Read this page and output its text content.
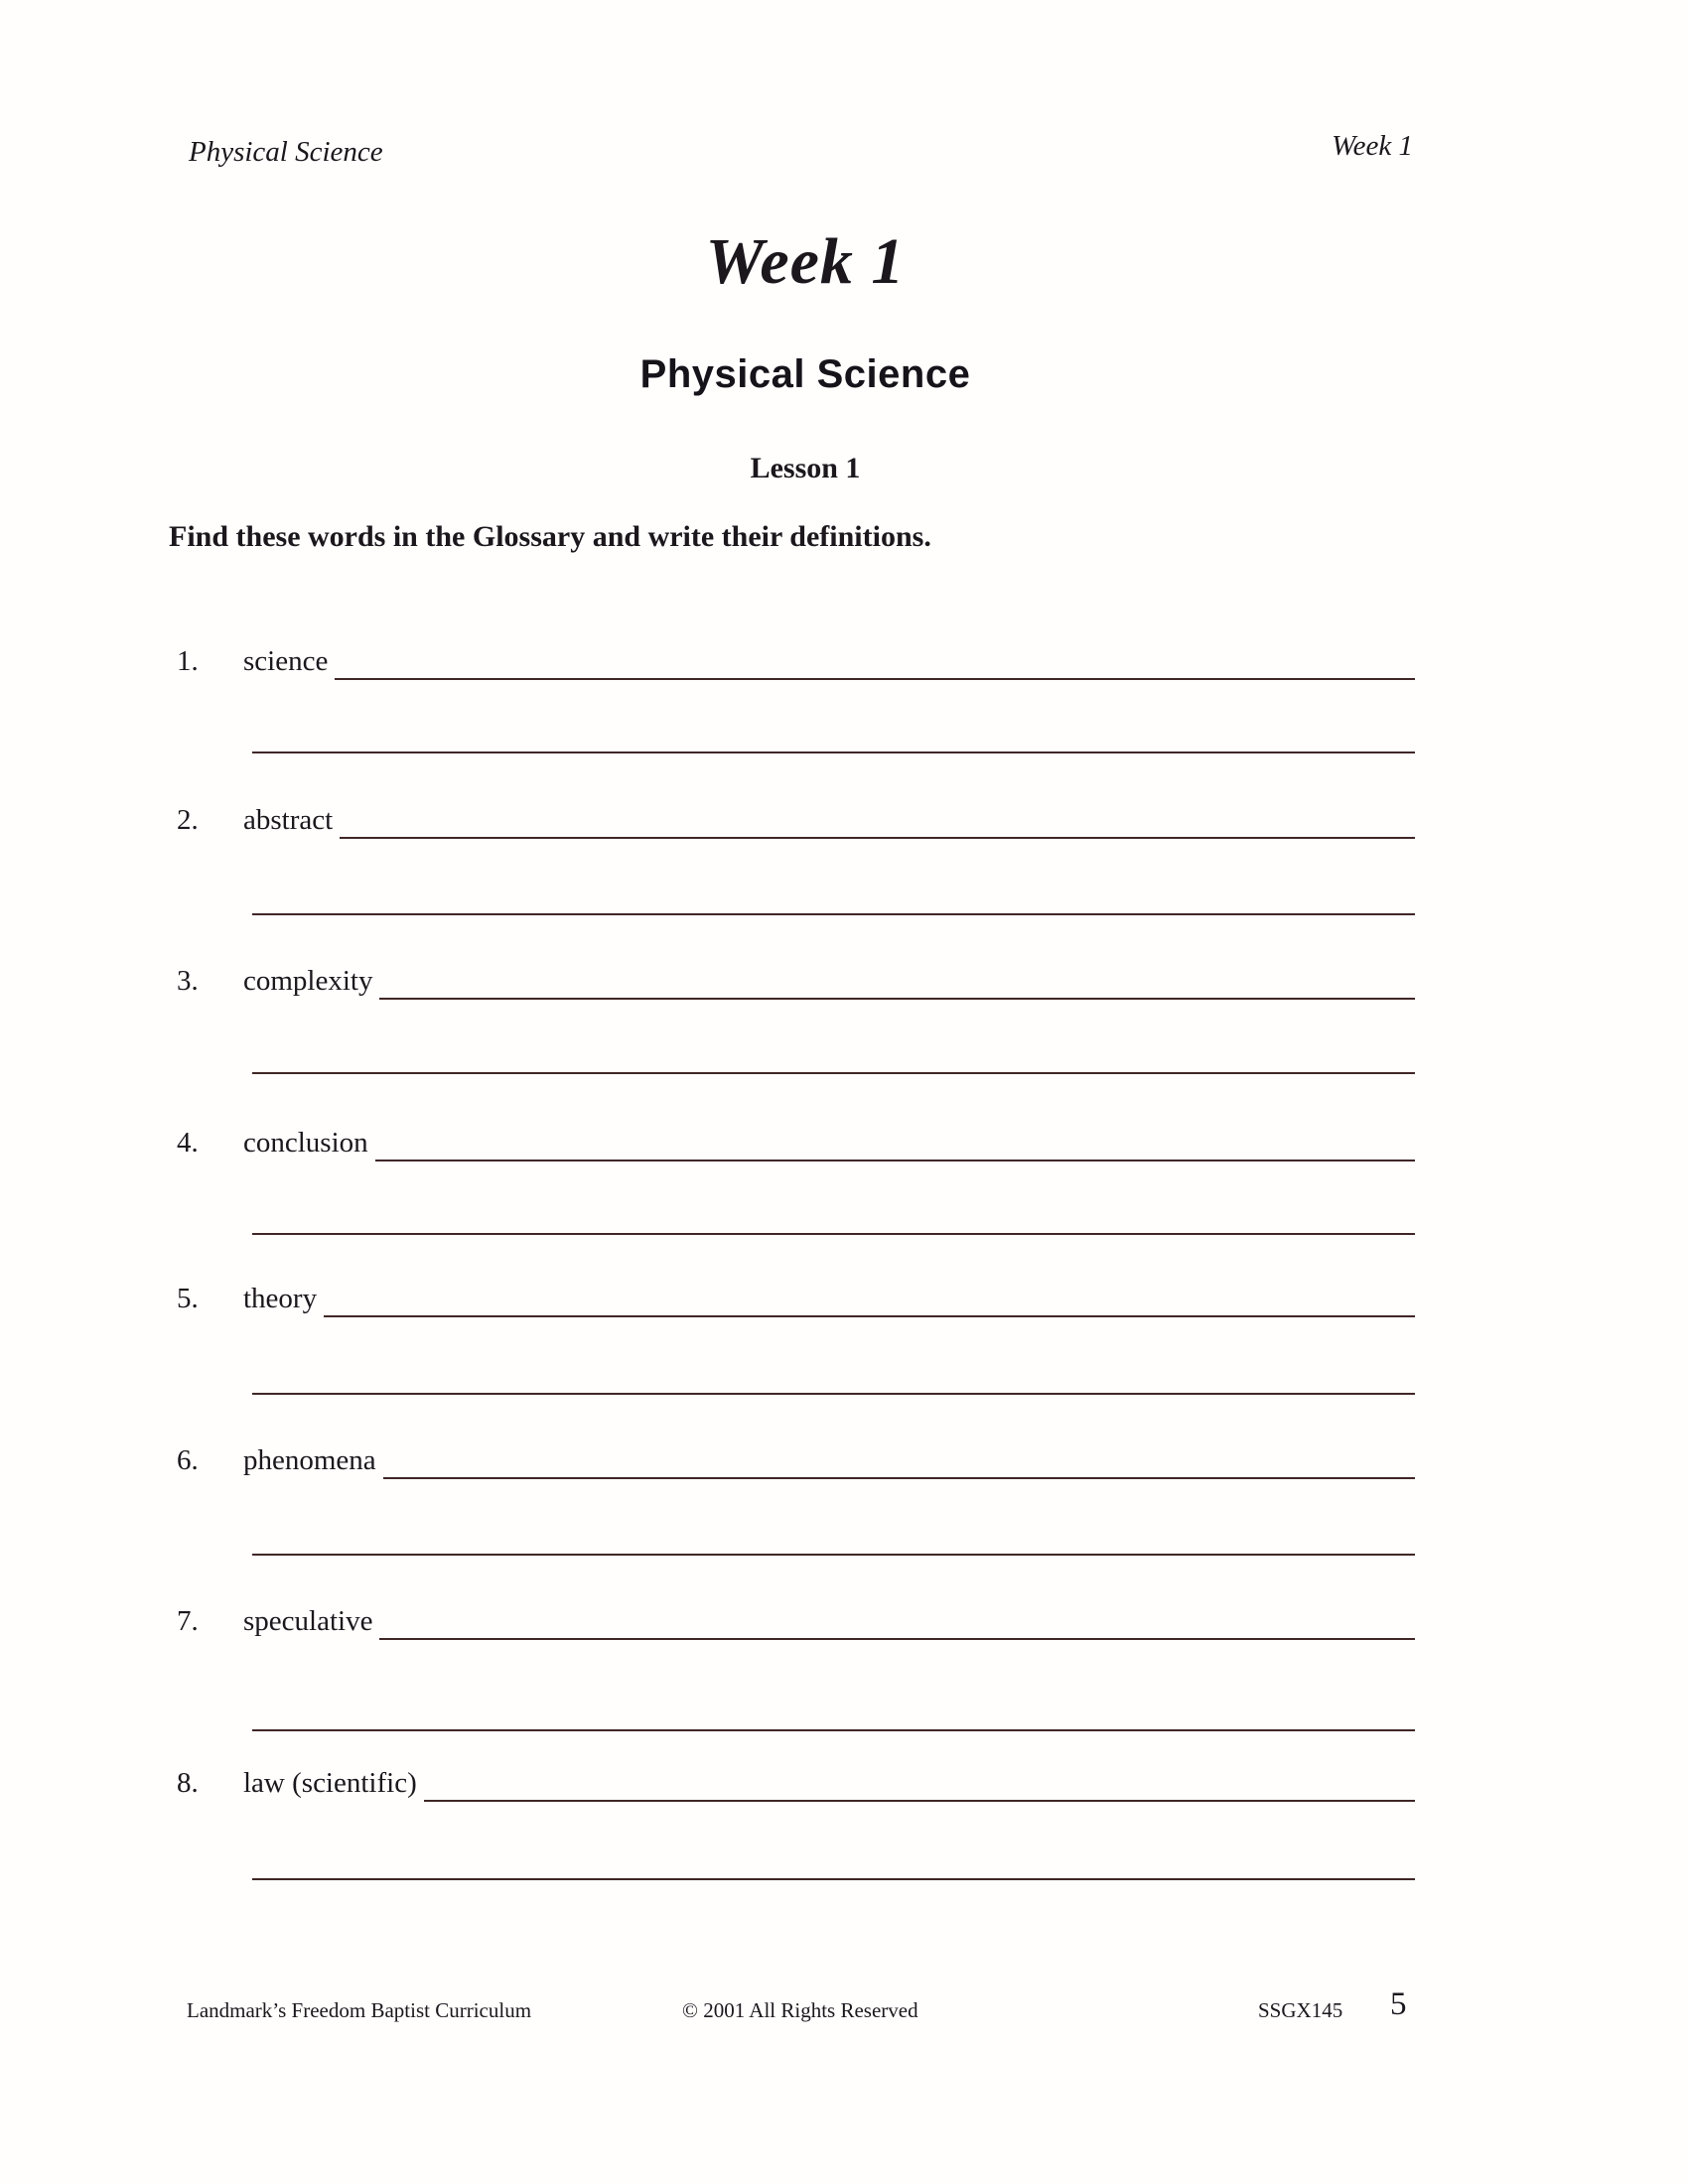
Physical Science	Week 1
Week 1
Physical Science
Lesson 1
Find these words in the Glossary and write their definitions.
1.	science
2.	abstract
3.	complexity
4.	conclusion
5.	theory
6.	phenomena
7.	speculative
8.	law (scientific)
Landmark’s Freedom Baptist Curriculum	© 2001 All Rights Reserved	SSGX145 5
